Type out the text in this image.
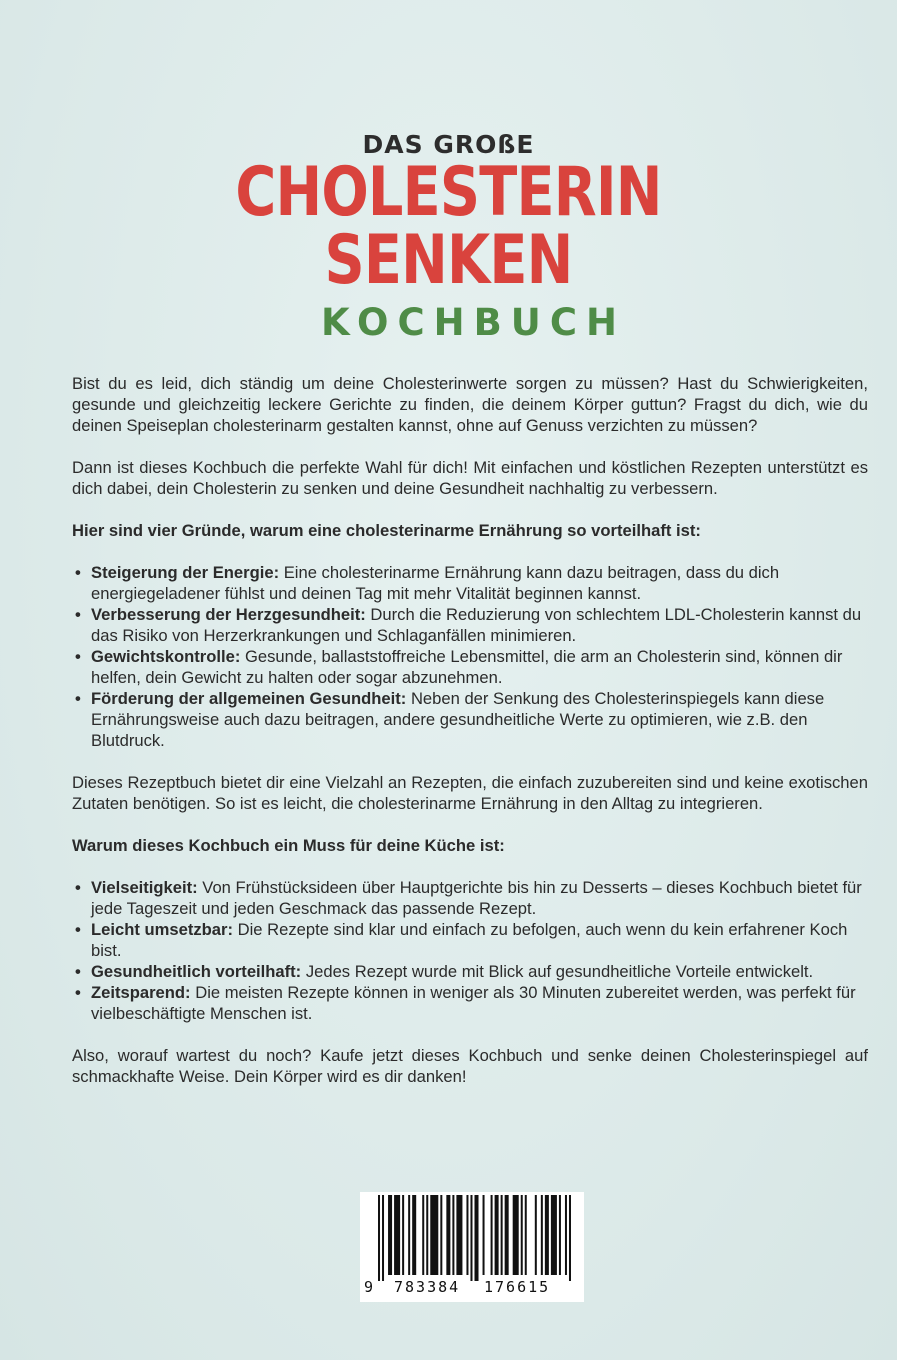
DAS GROßE
CHOLESTERIN
SENKEN
KOCHBUCH

Bist du es leid, dich ständig um deine Cholesterinwerte sorgen zu müssen? Hast du Schwierigkeiten, gesunde und gleichzeitig leckere Gerichte zu finden, die deinem Körper guttun? Fragst du dich, wie du deinen Speiseplan cholesterinarm gestalten kannst, ohne auf Genuss verzichten zu müssen?

Dann ist dieses Kochbuch die perfekte Wahl für dich! Mit einfachen und köstlichen Rezepten unterstützt es dich dabei, dein Cholesterin zu senken und deine Gesundheit nachhaltig zu verbessern.

Hier sind vier Gründe, warum eine cholesterinarme Ernährung so vorteilhaft ist:

• Steigerung der Energie: Eine cholesterinarme Ernährung kann dazu beitragen, dass du dich energiegeladener fühlst und deinen Tag mit mehr Vitalität beginnen kannst.
• Verbesserung der Herzgesundheit: Durch die Reduzierung von schlechtem LDL-Cholesterin kannst du das Risiko von Herzerkrankungen und Schlaganfällen minimieren.
• Gewichtskontrolle: Gesunde, ballaststoffreiche Lebensmittel, die arm an Cholesterin sind, können dir helfen, dein Gewicht zu halten oder sogar abzunehmen.
• Förderung der allgemeinen Gesundheit: Neben der Senkung des Cholesterinspiegels kann diese Ernährungsweise auch dazu beitragen, andere gesundheitliche Werte zu optimieren, wie z.B. den Blutdruck.

Dieses Rezeptbuch bietet dir eine Vielzahl an Rezepten, die einfach zuzubereiten sind und keine exotischen Zutaten benötigen. So ist es leicht, die cholesterinarme Ernährung in den Alltag zu integrieren.

Warum dieses Kochbuch ein Muss für deine Küche ist:

• Vielseitigkeit: Von Frühstücksideen über Hauptgerichte bis hin zu Desserts – dieses Kochbuch bietet für jede Tageszeit und jeden Geschmack das passende Rezept.
• Leicht umsetzbar: Die Rezepte sind klar und einfach zu befolgen, auch wenn du kein erfahrener Koch bist.
• Gesundheitlich vorteilhaft: Jedes Rezept wurde mit Blick auf gesundheitliche Vorteile entwickelt.
• Zeitsparend: Die meisten Rezepte können in weniger als 30 Minuten zubereitet werden, was perfekt für vielbeschäftigte Menschen ist.

Also, worauf wartest du noch? Kaufe jetzt dieses Kochbuch und senke deinen Cholesterinspiegel auf schmackhafte Weise. Dein Körper wird es dir danken!

9 783384 176615
